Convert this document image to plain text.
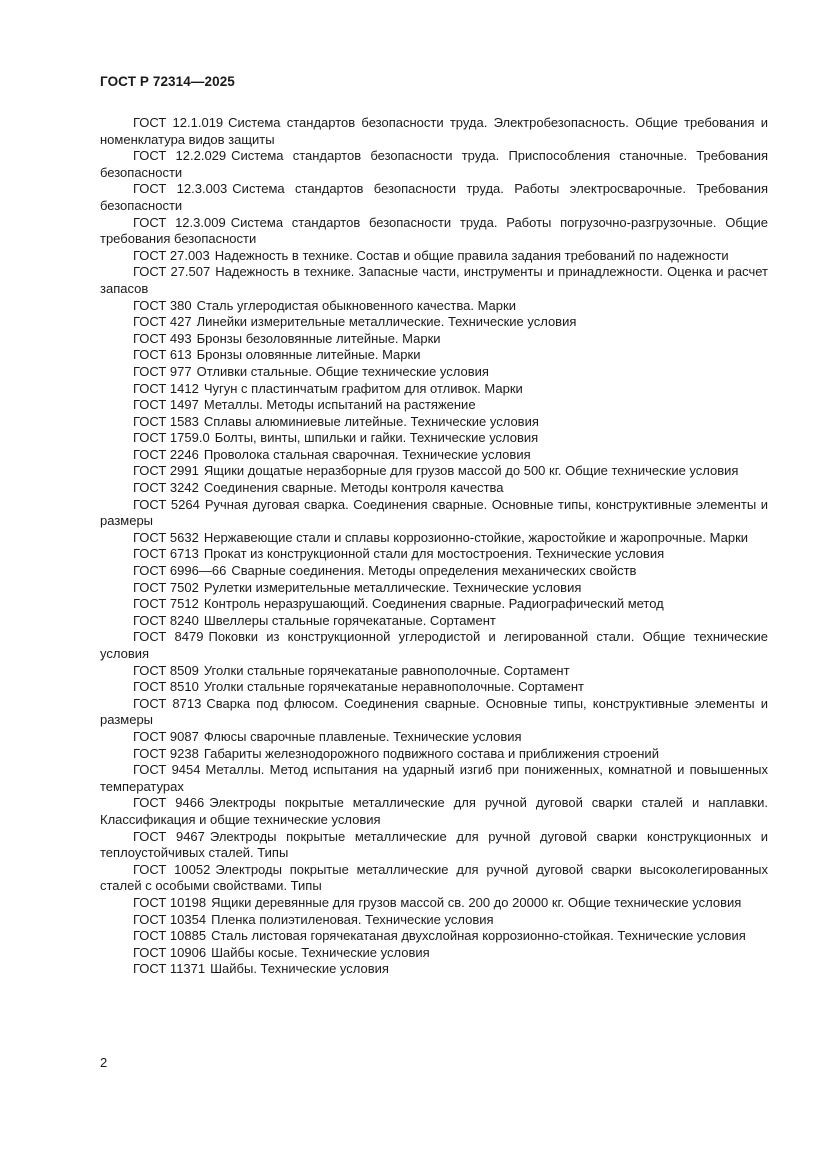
ГОСТ Р 72314—2025

ГОСТ 12.1.019 Система стандартов безопасности труда. Электробезопасность. Общие требования и номенклатура видов защиты

ГОСТ 12.2.029 Система стандартов безопасности труда. Приспособления станочные. Требования безопасности

ГОСТ 12.3.003 Система стандартов безопасности труда. Работы электросварочные. Требования безопасности

ГОСТ 12.3.009 Система стандартов безопасности труда. Работы погрузочно-разгрузочные. Общие требования безопасности

ГОСТ 27.003 Надежность в технике. Состав и общие правила задания требований по надежности

ГОСТ 27.507 Надежность в технике. Запасные части, инструменты и принадлежности. Оценка и расчет запасов

ГОСТ 380 Сталь углеродистая обыкновенного качества. Марки

ГОСТ 427 Линейки измерительные металлические. Технические условия

ГОСТ 493 Бронзы безоловянные литейные. Марки

ГОСТ 613 Бронзы оловянные литейные. Марки

ГОСТ 977 Отливки стальные. Общие технические условия

ГОСТ 1412 Чугун с пластинчатым графитом для отливок. Марки

ГОСТ 1497 Металлы. Методы испытаний на растяжение

ГОСТ 1583 Сплавы алюминиевые литейные. Технические условия

ГОСТ 1759.0 Болты, винты, шпильки и гайки. Технические условия

ГОСТ 2246 Проволока стальная сварочная. Технические условия

ГОСТ 2991 Ящики дощатые неразборные для грузов массой до 500 кг. Общие технические условия

ГОСТ 3242 Соединения сварные. Методы контроля качества

ГОСТ 5264 Ручная дуговая сварка. Соединения сварные. Основные типы, конструктивные элементы и размеры

ГОСТ 5632 Нержавеющие стали и сплавы коррозионно-стойкие, жаростойкие и жаропрочные. Марки

ГОСТ 6713 Прокат из конструкционной стали для мостостроения. Технические условия

ГОСТ 6996—66 Сварные соединения. Методы определения механических свойств

ГОСТ 7502 Рулетки измерительные металлические. Технические условия

ГОСТ 7512 Контроль неразрушающий. Соединения сварные. Радиографический метод

ГОСТ 8240 Швеллеры стальные горячекатаные. Сортамент

ГОСТ 8479 Поковки из конструкционной углеродистой и легированной стали. Общие технические условия

ГОСТ 8509 Уголки стальные горячекатаные равнополочные. Сортамент

ГОСТ 8510 Уголки стальные горячекатаные неравнополочные. Сортамент

ГОСТ 8713 Сварка под флюсом. Соединения сварные. Основные типы, конструктивные элементы и размеры

ГОСТ 9087 Флюсы сварочные плавленые. Технические условия

ГОСТ 9238 Габариты железнодорожного подвижного состава и приближения строений

ГОСТ 9454 Металлы. Метод испытания на ударный изгиб при пониженных, комнатной и повышенных температурах

ГОСТ 9466 Электроды покрытые металлические для ручной дуговой сварки сталей и наплавки. Классификация и общие технические условия

ГОСТ 9467 Электроды покрытые металлические для ручной дуговой сварки конструкционных и теплоустойчивых сталей. Типы

ГОСТ 10052 Электроды покрытые металлические для ручной дуговой сварки высоколегированных сталей с особыми свойствами. Типы

ГОСТ 10198 Ящики деревянные для грузов массой св. 200 до 20000 кг. Общие технические условия

ГОСТ 10354 Пленка полиэтиленовая. Технические условия

ГОСТ 10885 Сталь листовая горячекатаная двухслойная коррозионно-стойкая. Технические условия

ГОСТ 10906 Шайбы косые. Технические условия

ГОСТ 11371 Шайбы. Технические условия

2
